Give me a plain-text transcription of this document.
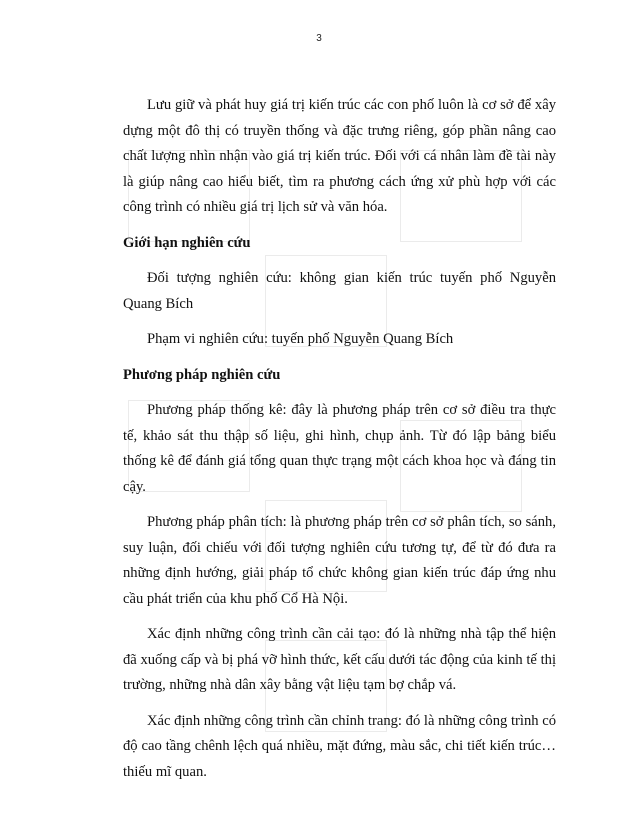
3

Lưu giữ và phát huy giá trị kiến trúc các con phố luôn là cơ sở để xây dựng một đô thị có truyền thống và đặc trưng riêng, góp phần nâng cao chất lượng nhìn nhận vào giá trị kiến trúc. Đối với cá nhân làm đề tài này là giúp nâng cao hiểu biết, tìm ra phương cách ứng xử phù hợp với các công trình có nhiều giá trị lịch sử và văn hóa.

Giới hạn nghiên cứu

Đối tượng nghiên cứu: không gian kiến trúc tuyến phố Nguyễn Quang Bích

Phạm vi nghiên cứu: tuyến phố Nguyễn Quang Bích

Phương pháp nghiên cứu

Phương pháp thống kê: đây là phương pháp trên cơ sở điều tra thực tế, khảo sát thu thập số liệu, ghi hình, chụp ảnh. Từ đó lập bảng biểu thống kê để đánh giá tổng quan thực trạng một cách khoa học và đáng tin cậy.

Phương pháp phân tích: là phương pháp trên cơ sở phân tích, so sánh, suy luận, đối chiếu với đối tượng nghiên cứu tương tự, để từ đó đưa ra những định hướng, giải pháp tổ chức không gian kiến trúc đáp ứng nhu cầu phát triển của khu phố Cổ Hà Nội.

Xác định những công trình cần cải tạo: đó là những nhà tập thể hiện đã xuống cấp và bị phá vỡ hình thức, kết cấu dưới tác động của kinh tế thị trường, những nhà dân xây bằng vật liệu tạm bợ chắp vá.

Xác định những công trình cần chỉnh trang: đó là những công trình có độ cao tầng chênh lệch quá nhiều, mặt đứng, màu sắc, chi tiết kiến trúc…thiếu mĩ quan.
